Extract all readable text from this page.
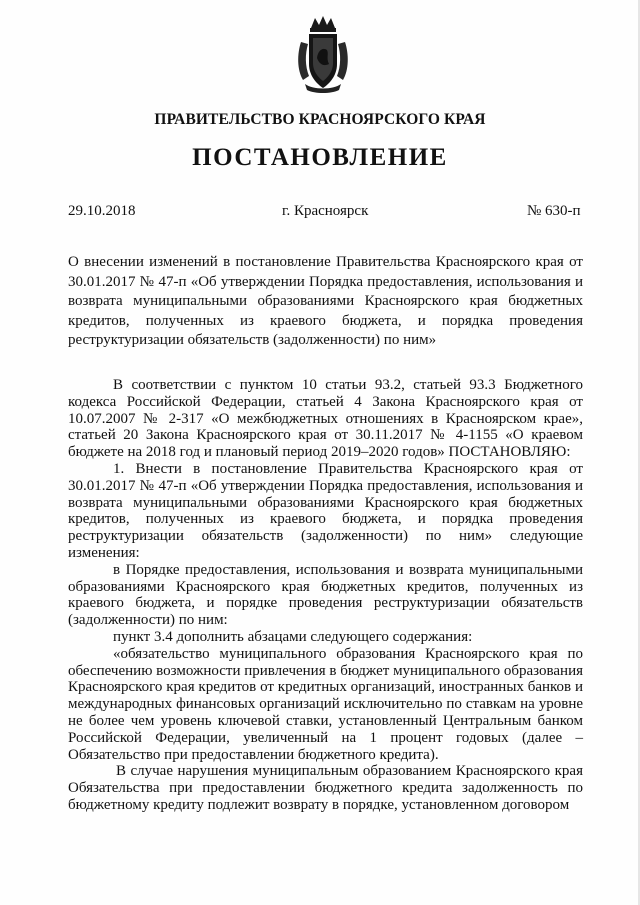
ПРАВИТЕЛЬСТВО КРАСНОЯРСКОГО КРАЯ
ПОСТАНОВЛЕНИЕ
29.10.2018	г. Красноярск	№ 630-п

О внесении изменений в постановление Правительства Красноярского края от 30.01.2017 № 47-п «Об утверждении Порядка предоставления, использования и возврата муниципальными образованиями Красноярского края бюджетных кредитов, полученных из краевого бюджета, и порядка проведения реструктуризации обязательств (задолженности) по ним»

В соответствии с пунктом 10 статьи 93.2, статьей 93.3 Бюджетного кодекса Российской Федерации, статьей 4 Закона Красноярского края от 10.07.2007 № 2-317 «О межбюджетных отношениях в Красноярском крае», статьей 20 Закона Красноярского края от 30.11.2017 № 4-1155 «О краевом бюджете на 2018 год и плановый период 2019–2020 годов» ПОСТАНОВЛЯЮ:

1. Внести в постановление Правительства Красноярского края от 30.01.2017 № 47-п «Об утверждении Порядка предоставления, использования и возврата муниципальными образованиями Красноярского края бюджетных кредитов, полученных из краевого бюджета, и порядка проведения реструктуризации обязательств (задолженности) по ним» следующие изменения:

в Порядке предоставления, использования и возврата муниципальными образованиями Красноярского края бюджетных кредитов, полученных из краевого бюджета, и порядке проведения реструктуризации обязательств (задолженности) по ним:

пункт 3.4 дополнить абзацами следующего содержания:

«обязательство муниципального образования Красноярского края по обеспечению возможности привлечения в бюджет муниципального образования Красноярского края кредитов от кредитных организаций, иностранных банков и международных финансовых организаций исключительно по ставкам на уровне не более чем уровень ключевой ставки, установленный Центральным банком Российской Федерации, увеличенный на 1 процент годовых (далее – Обязательство при предоставлении бюджетного кредита).

В случае нарушения муниципальным образованием Красноярского края Обязательства при предоставлении бюджетного кредита задолженность по бюджетному кредиту подлежит возврату в порядке, установленном договором
